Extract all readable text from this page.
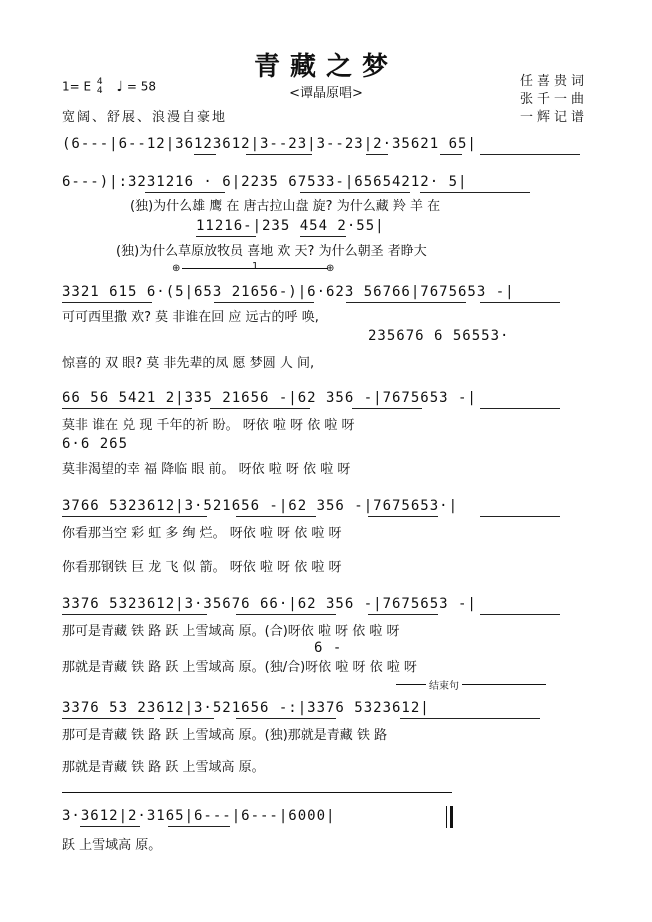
青藏之梦
<谭晶原唱>
任喜贵词
张千一曲
一辉记谱
1= E 4
4 ♩ = 58
宽阔、舒展、浪漫自豪地
(6---|6--12|36123612|3--23|3--23|2·35621 65|
6---)|:3231216 · 6|2235 67533-|65654212· 5|
(独)为什么雄 鹰 在 唐古拉山盘 旋? 为什么藏 羚 羊 在
11216-|235 454 2·55|
(独)为什么草原放牧员 喜地 欢 天? 为什么朝圣 者睁大
⊕	1	⊕
3321 615 6·(5|653 21656-)|6·623 56766|7675653 -|
可可西里撒 欢? 莫 非谁在回 应 远古的呼 唤,
235676 6 56553·
惊喜的 双 眼? 莫 非先辈的凤 愿 梦圆 人 间,
66 56 5421 2|335 21656 -|62 356 -|7675653 -|
莫非 谁在 兑 现 千年的祈 盼。 呀依 啦 呀 依 啦 呀
6·6 265
莫非渴望的幸 福 降临 眼 前。 呀依 啦 呀 依 啦 呀
3766 5323612|3·521656 -|62 356 -|7675653·|
你看那当空 彩 虹 多 绚 烂。 呀依 啦 呀 依 啦 呀
你看那钢铁 巨 龙 飞 似 箭。 呀依 啦 呀 依 啦 呀
3376 5323612|3·35676 66·|62 356 -|7675653 -|
那可是青藏 铁 路 跃 上雪域高 原。(合)呀依 啦 呀 依 啦 呀
6 -
那就是青藏 铁 路 跃 上雪域高 原。(独/合)呀依 啦 呀 依 啦 呀
结束句
3376 53 23612|3·521656 -:|3376 5323612|
那可是青藏 铁 路 跃 上雪域高 原。(独)那就是青藏 铁 路
那就是青藏 铁 路 跃 上雪域高 原。
3·3612|2·3165|6---|6---|6000|
跃 上雪域高 原。
